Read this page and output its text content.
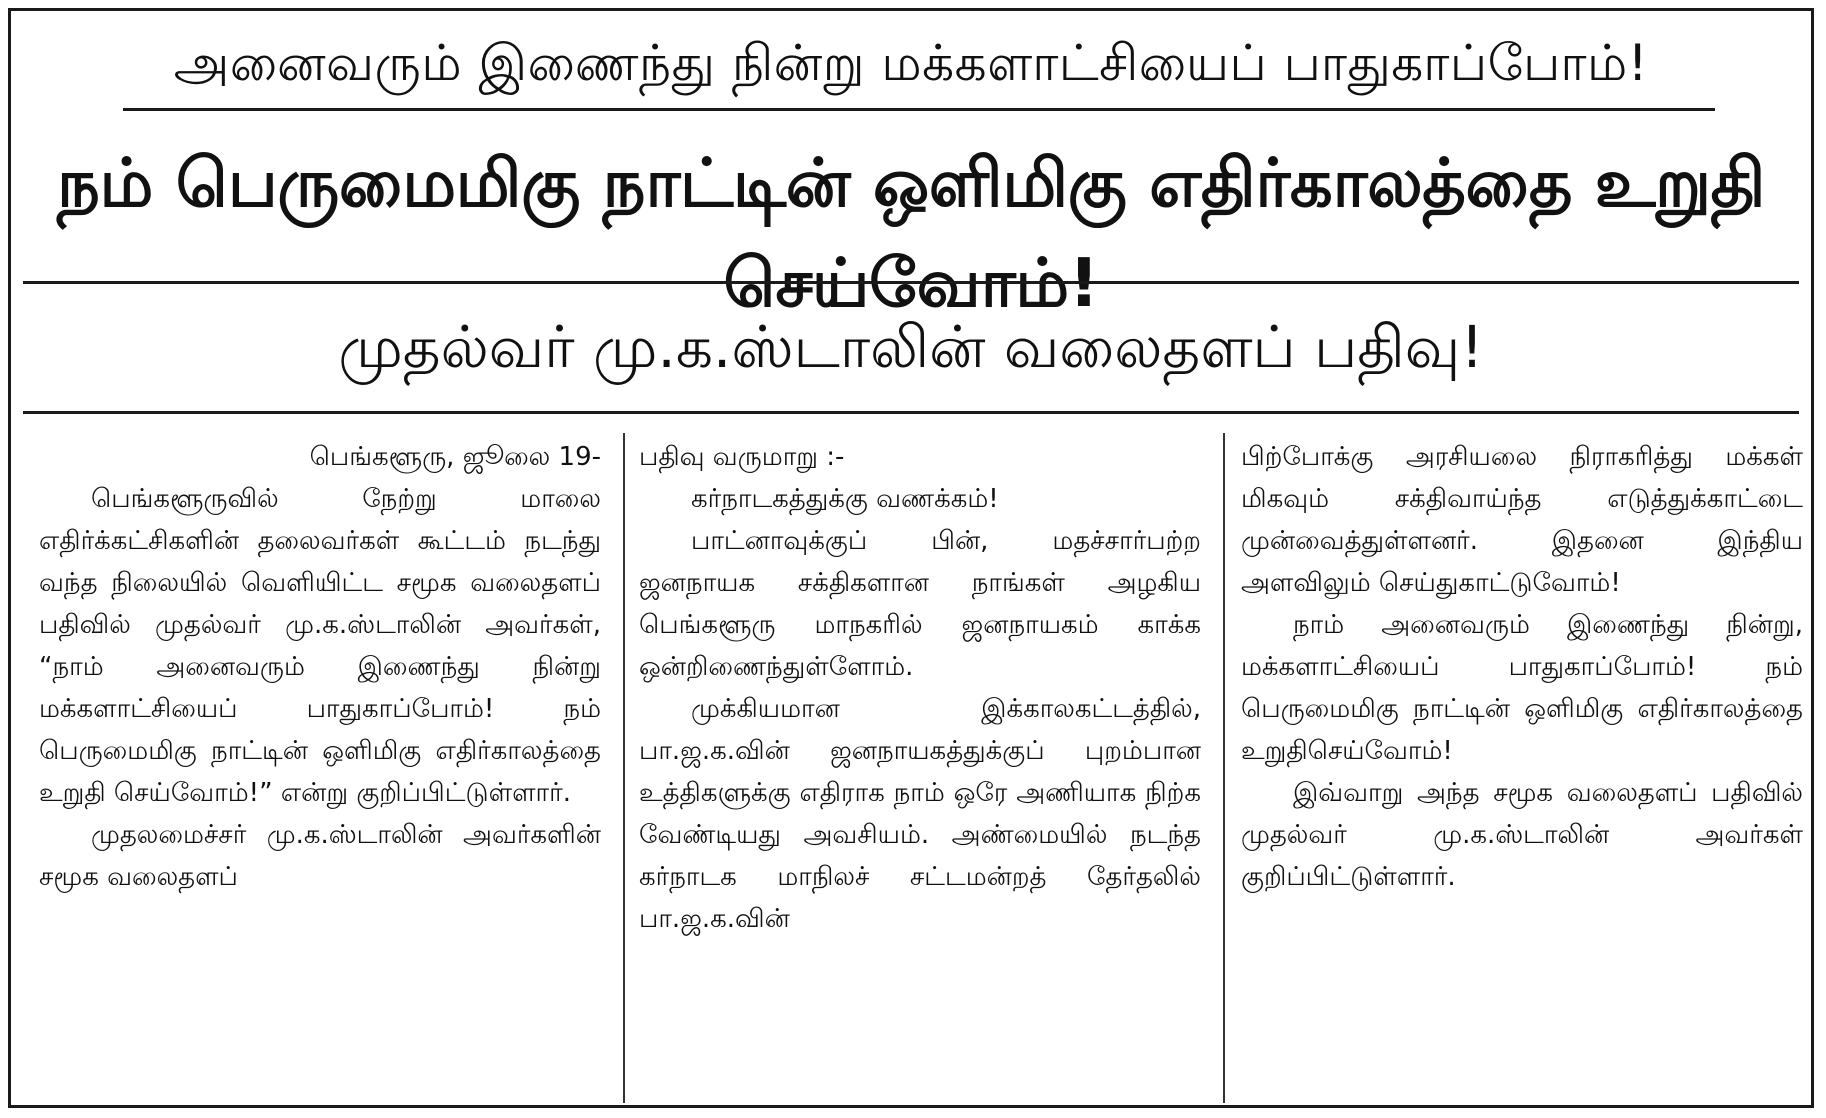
அனைவரும் இணைந்து நின்று மக்களாட்சியைப் பாதுகாப்போம்!
நம் பெருமைமிகு நாட்டின் ஒளிமிகு எதிர்காலத்தை உறுதி செய்வோம்!
முதல்வர் மு.க.ஸ்டாலின் வலைதளப் பதிவு!

பெங்களூரு, ஜூலை 19-

பெங்களூருவில் நேற்று மாலை எதிர்க்கட்சிகளின் தலைவர்கள் கூட்டம் நடந்து வந்த நிலையில் வெளியிட்ட சமூக வலைதளப் பதிவில் முதல்வர் மு.க.ஸ்டாலின் அவர்கள், “நாம் அனைவரும் இணைந்து நின்று மக்களாட்சியைப் பாதுகாப்போம்! நம் பெருமைமிகு நாட்டின் ஒளிமிகு எதிர்காலத்தை உறுதி செய்வோம்!” என்று குறிப்பிட்டுள்ளார்.

முதலமைச்சர் மு.க.ஸ்டாலின் அவர்களின் சமூக வலைதளப்

பதிவு வருமாறு :-

கர்நாடகத்துக்கு வணக்கம்!

பாட்னாவுக்குப் பின், மதச்சார்பற்ற ஜனநாயக சக்திகளான நாங்கள் அழகிய பெங்களூரு மாநகரில் ஜனநாயகம் காக்க ஒன்றிணைந்துள்ளோம்.

முக்கியமான இக்காலகட்டத்தில், பா.ஜ.க.வின் ஜனநாயகத்துக்குப் புறம்பான உத்திகளுக்கு எதிராக நாம் ஒரே அணியாக நிற்க வேண்டியது அவசியம். அண்மையில் நடந்த கர்நாடக மாநிலச் சட்டமன்றத் தேர்தலில் பா.ஜ.க.வின்

பிற்போக்கு அரசியலை நிராகரித்து மக்கள் மிகவும் சக்திவாய்ந்த எடுத்துக்காட்டை முன்வைத்துள்ளனர். இதனை இந்திய அளவிலும் செய்துகாட்டுவோம்!

நாம் அனைவரும் இணைந்து நின்று, மக்களாட்சியைப் பாதுகாப்போம்! நம் பெருமைமிகு நாட்டின் ஒளிமிகு எதிர்காலத்தை உறுதிசெய்வோம்!

இவ்வாறு அந்த சமூக வலைதளப் பதிவில் முதல்வர் மு.க.ஸ்டாலின் அவர்கள் குறிப்பிட்டுள்ளார்.
